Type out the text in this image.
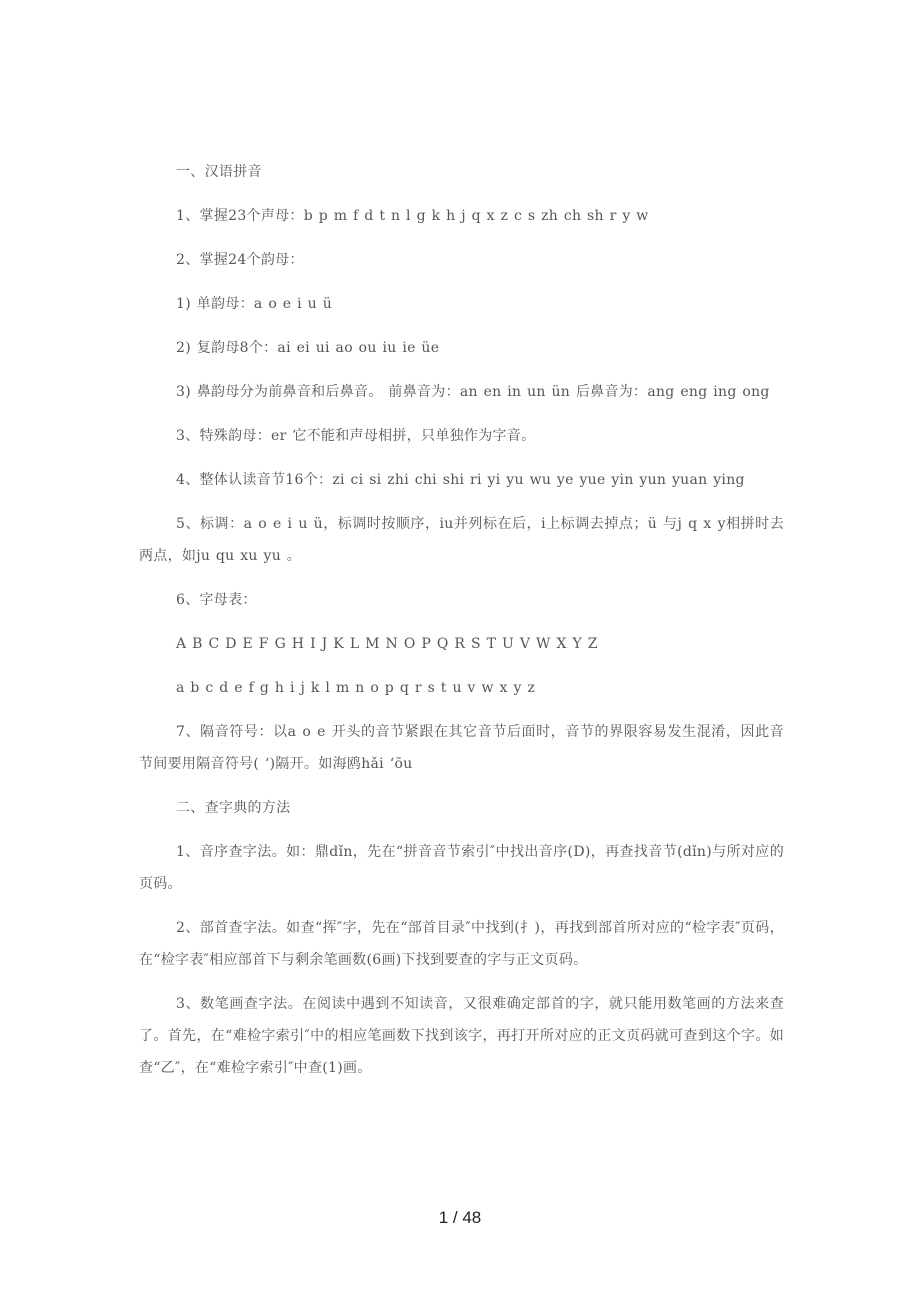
一、汉语拼音

1、掌握23个声母：b p m f d t n l g k h j q x z c s zh ch sh r y w

2、掌握24个韵母：

1) 单韵母：a o e i u ü

2) 复韵母8个：ai ei ui ao ou iu ie üe

3) 鼻韵母分为前鼻音和后鼻音。 前鼻音为：an en in un ün 后鼻音为：ang eng ing ong

3、特殊韵母：er 它不能和声母相拼，只单独作为字音。

4、整体认读音节16个：zi ci si zhi chi shi ri yi yu wu ye yue yin yun yuan ying

5、标调：a o e i u ü，标调时按顺序，iu并列标在后，i上标调去掉点；ü 与j q x y相拼时去两点，如ju qu xu yu 。

6、字母表：

A B C D E F G H I J K L M N O P Q R S T U V W X Y Z

a b c d e f g h i j k l m n o p q r s t u v w x y z

7、隔音符号：以a o e 开头的音节紧跟在其它音节后面时，音节的界限容易发生混淆，因此音节间要用隔音符号( ‘)隔开。如海鸥hǎi ‘ōu

二、查字典的方法

1、音序查字法。如：鼎dǐn，先在“拼音音节索引″中找出音序(D)，再查找音节(dǐn)与所对应的页码。

2、部首查字法。如查“挥″字，先在“部首目录″中找到(扌)，再找到部首所对应的“检字表″页码，在“检字表″相应部首下与剩余笔画数(6画)下找到要查的字与正文页码。

3、数笔画查字法。在阅读中遇到不知读音，又很难确定部首的字，就只能用数笔画的方法来查了。首先，在“难检字索引″中的相应笔画数下找到该字，再打开所对应的正文页码就可查到这个字。如查“乙″，在“难检字索引″中查(1)画。

1 / 48
